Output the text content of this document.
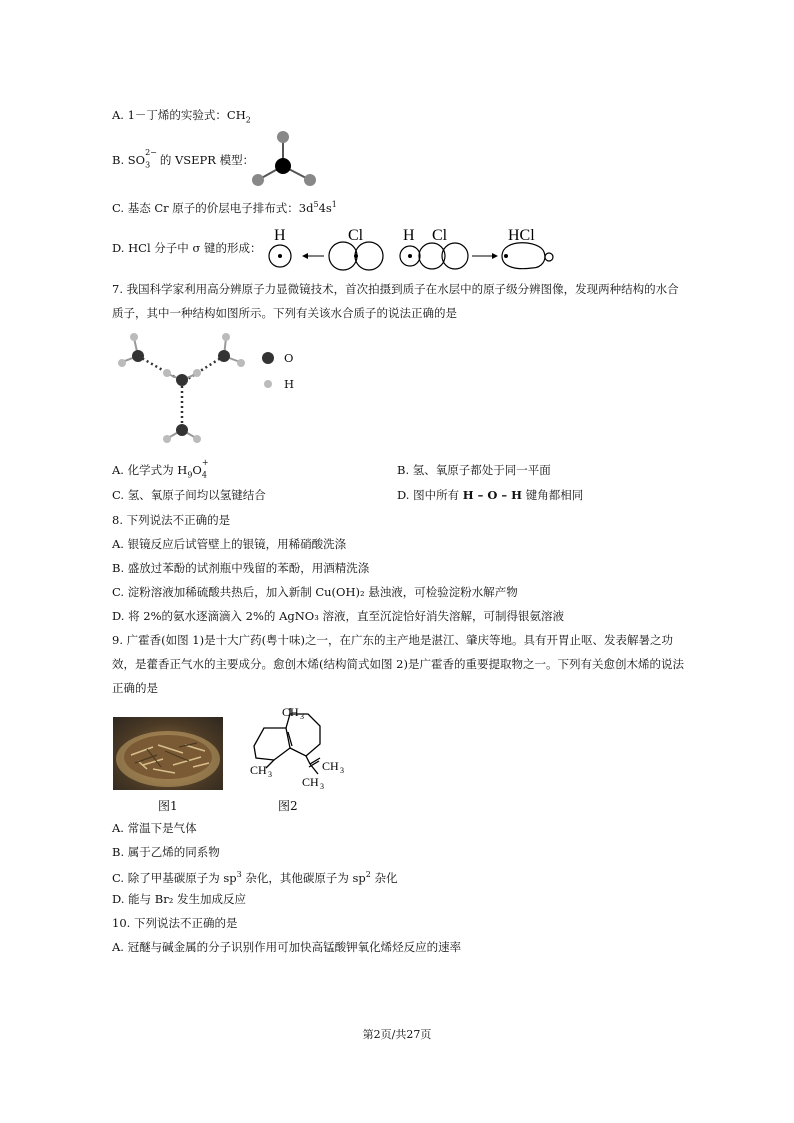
A. 1－丁烯的实验式：$CH_2$
B. SO
2−
$_3$ 的 VSEPR 模型：
C. 基态 Cr 原子的价层电子排布式：$3d^54s^1$
D. HCl 分子中 σ 键的形成：
H	Cl H Cl	HCl
7. 我国科学家利用高分辨原子力显微镜技术，首次拍摄到质子在水层中的原子级分辨图像，发现两种结构的水合质子，其中一种结构如图所示。下列有关该水合质子的说法正确的是
O
H
A. 化学式为 $H_9O$
+
$_4$	B. 氢、氧原子都处于同一平面
C. 氢、氧原子间均以氢键结合	D. 图中所有 H – O – H 键角都相同
8. 下列说法不正确的是
A. 银镜反应后试管壁上的银镜，用稀硝酸洗涤
B. 盛放过苯酚的试剂瓶中残留的苯酚，用酒精洗涤
C. 淀粉溶液加稀硫酸共热后，加入新制 Cu(OH)₂ 悬浊液，可检验淀粉水解产物
D. 将 2%的氨水逐滴滴入 2%的 AgNO₃ 溶液，直至沉淀恰好消失溶解，可制得银氨溶液
9. 广霍香(如图 1)是十大广药(粤十味)之一，在广东的主产地是湛江、肇庆等地。具有开胃止呕、发表解暑之功效，是藿香正气水的主要成分。愈创木烯(结构简式如图 2)是广霍香的重要提取物之一。下列有关愈创木烯的说法正确的是
图1
CH 3
CH 3
CH 3
CH 3
图2
A. 常温下是气体
B. 属于乙烯的同系物
C. 除了甲基碳原子为 $sp^3$ 杂化，其他碳原子为 $sp^2$ 杂化
D. 能与 Br₂ 发生加成反应
10. 下列说法不正确的是
A. 冠醚与碱金属的分子识别作用可加快高锰酸钾氧化烯烃反应的速率
第2页/共27页
